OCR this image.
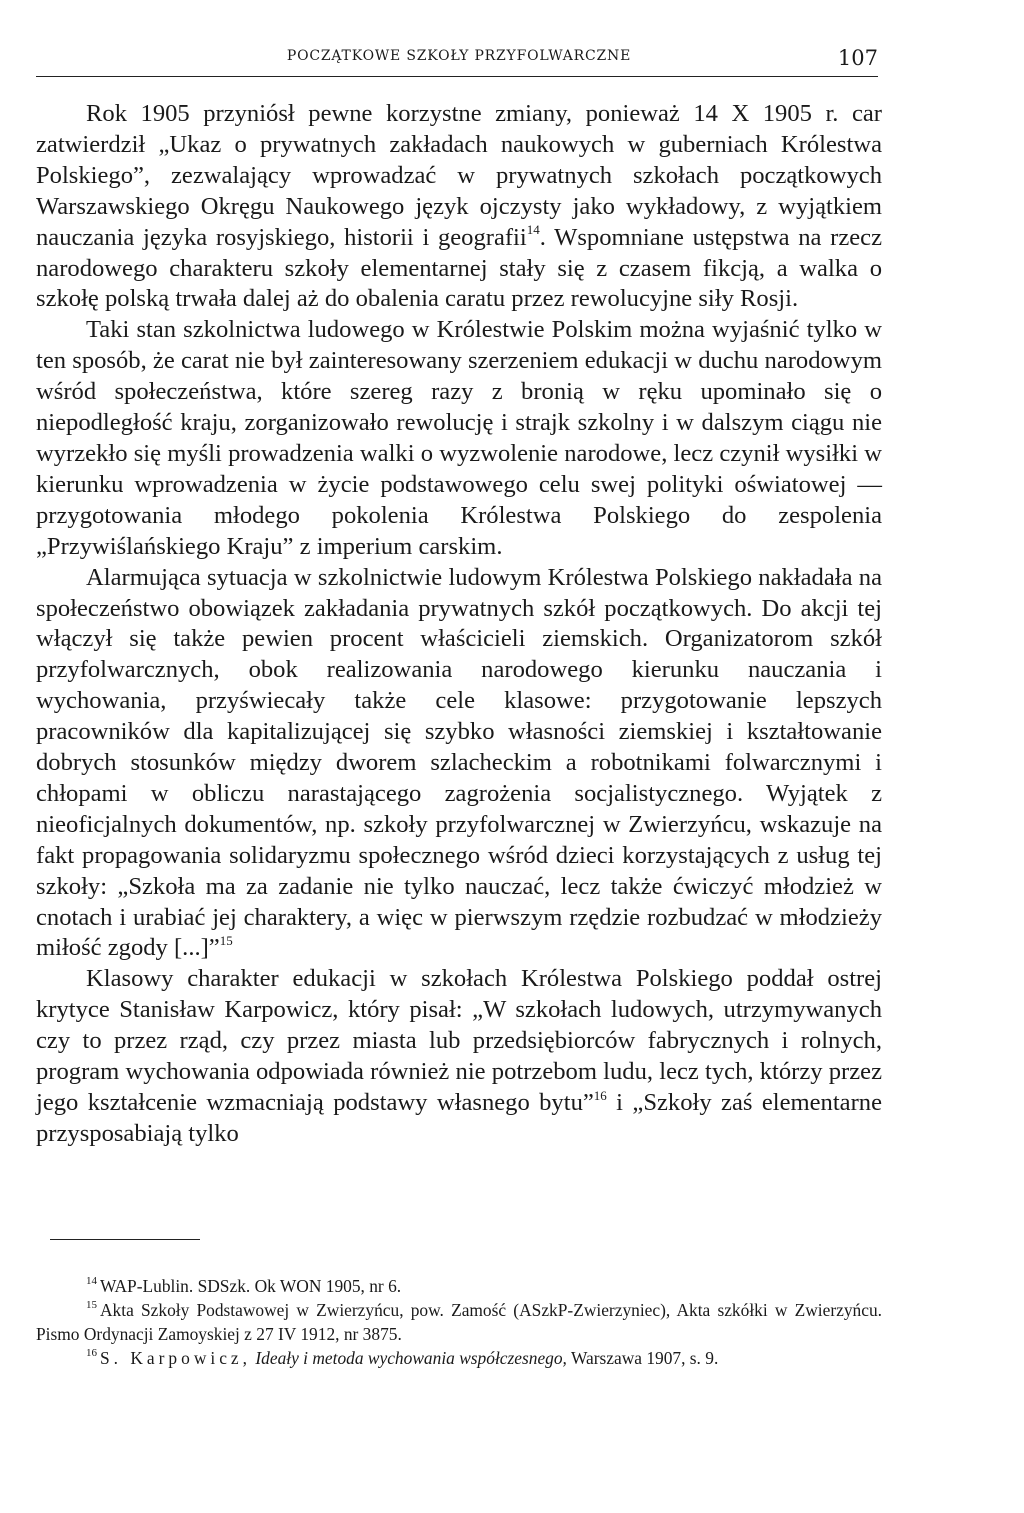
POCZĄTKOWE SZKOŁY PRZYFOLWARCZNE	107

Rok 1905 przyniósł pewne korzystne zmiany, ponieważ 14 X 1905 r. car zatwierdził „Ukaz o prywatnych zakładach naukowych w guberniach Królestwa Polskiego”, zezwalający wprowadzać w prywatnych szkołach początkowych Warszawskiego Okręgu Naukowego język ojczysty jako wykładowy, z wyjątkiem nauczania języka rosyjskiego, historii i geografii$^{14}$. Wspomniane ustępstwa na rzecz narodowego charakteru szkoły elementarnej stały się z czasem fikcją, a walka o szkołę polską trwała dalej aż do obalenia caratu przez rewolucyjne siły Rosji.

Taki stan szkolnictwa ludowego w Królestwie Polskim można wyjaśnić tylko w ten sposób, że carat nie był zainteresowany szerzeniem edukacji w duchu narodowym wśród społeczeństwa, które szereg razy z bronią w ręku upominało się o niepodległość kraju, zorganizowało rewolucję i strajk szkolny i w dalszym ciągu nie wyrzekło się myśli prowadzenia walki o wyzwolenie narodowe, lecz czynił wysiłki w kierunku wprowadzenia w życie podstawowego celu swej polityki oświatowej — przygotowania młodego pokolenia Królestwa Polskiego do zespolenia „Przywiślańskiego Kraju” z imperium carskim.

Alarmująca sytuacja w szkolnictwie ludowym Królestwa Polskiego nakładała na społeczeństwo obowiązek zakładania prywatnych szkół początkowych. Do akcji tej włączył się także pewien procent właścicieli ziemskich. Organizatorom szkół przyfolwarcznych, obok realizowania narodowego kierunku nauczania i wychowania, przyświecały także cele klasowe: przygotowanie lepszych pracowników dla kapitalizującej się szybko własności ziemskiej i kształtowanie dobrych stosunków między dworem szlacheckim a robotnikami folwarcznymi i chłopami w obliczu narastającego zagrożenia socjalistycznego. Wyjątek z nieoficjalnych dokumentów, np. szkoły przyfolwarcznej w Zwierzyńcu, wskazuje na fakt propagowania solidaryzmu społecznego wśród dzieci korzystających z usług tej szkoły: „Szkoła ma za zadanie nie tylko nauczać, lecz także ćwiczyć młodzież w cnotach i urabiać jej charaktery, a więc w pierwszym rzędzie rozbudzać w młodzieży miłość zgody [...]”$^{15}$

Klasowy charakter edukacji w szkołach Królestwa Polskiego poddał ostrej krytyce Stanisław Karpowicz, który pisał: „W szkołach ludowych, utrzymywanych czy to przez rząd, czy przez miasta lub przedsiębiorców fabrycznych i rolnych, program wychowania odpowiada również nie potrzebom ludu, lecz tych, którzy przez jego kształcenie wzmacniają podstawy własnego bytu”$^{16}$ i „Szkoły zaś elementarne przysposabiają tylko

$^{14}$ WAP-Lublin. SDSzk. Ok WON 1905, nr 6.

$^{15}$ Akta Szkoły Podstawowej w Zwierzyńcu, pow. Zamość (ASzkP-Zwierzyniec), Akta szkółki w Zwierzyńcu. Pismo Ordynacji Zamoyskiej z 27 IV 1912, nr 3875.

$^{16}$ S. Karpowicz, Ideały i metoda wychowania współczesnego, Warszawa 1907, s. 9.
